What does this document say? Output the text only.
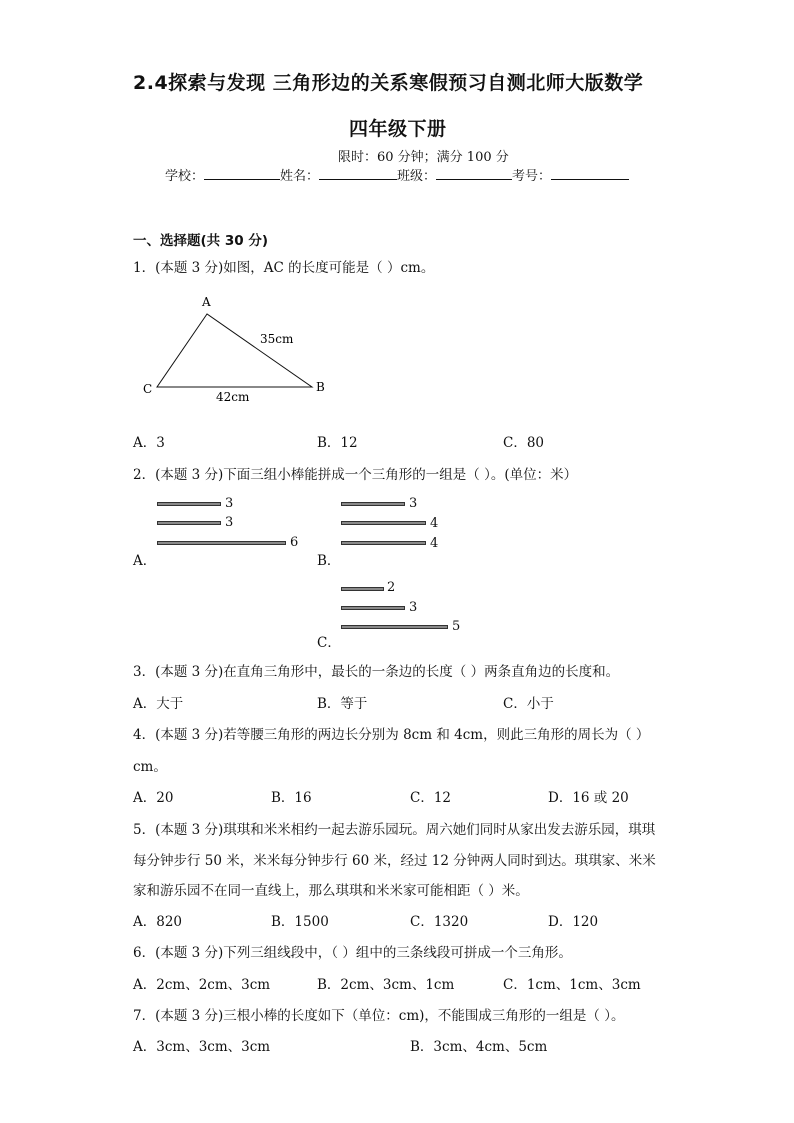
2.4探索与发现 三角形边的关系寒假预习自测北师大版数学
四年级下册
限时：60 分钟；满分 100 分
学校：	姓名：	班级：	考号：
一、选择题(共 30 分)
1．(本题 3 分)如图，AC 的长度可能是（ ）cm。
A
C	B
35cm
42cm
A．3	B．12	C．80
2．(本题 3 分)下面三组小棒能拼成一个三角形的一组是（ ）。(单位：米）
3
3
6
A．
3
4
4
B．
2
3
5
C．
3．(本题 3 分)在直角三角形中，最长的一条边的长度（ ）两条直角边的长度和。
A．大于	B．等于	C．小于
4．(本题 3 分)若等腰三角形的两边长分别为 8cm 和 4cm，则此三角形的周长为（ ）
cm。
A．20	B．16	C．12	D．16 或 20
5．(本题 3 分)琪琪和米米相约一起去游乐园玩。周六她们同时从家出发去游乐园，琪琪
每分钟步行 50 米，米米每分钟步行 60 米，经过 12 分钟两人同时到达。琪琪家、米米
家和游乐园不在同一直线上，那么琪琪和米米家可能相距（ ）米。
A．820	B．1500	C．1320	D．120
6．(本题 3 分)下列三组线段中，（ ）组中的三条线段可拼成一个三角形。
A．2cm、2cm、3cm	B．2cm、3cm、1cm	C．1cm、1cm、3cm
7．(本题 3 分)三根小棒的长度如下（单位：cm)，不能围成三角形的一组是（ ）。
A．3cm、3cm、3cm	B．3cm、4cm、5cm
